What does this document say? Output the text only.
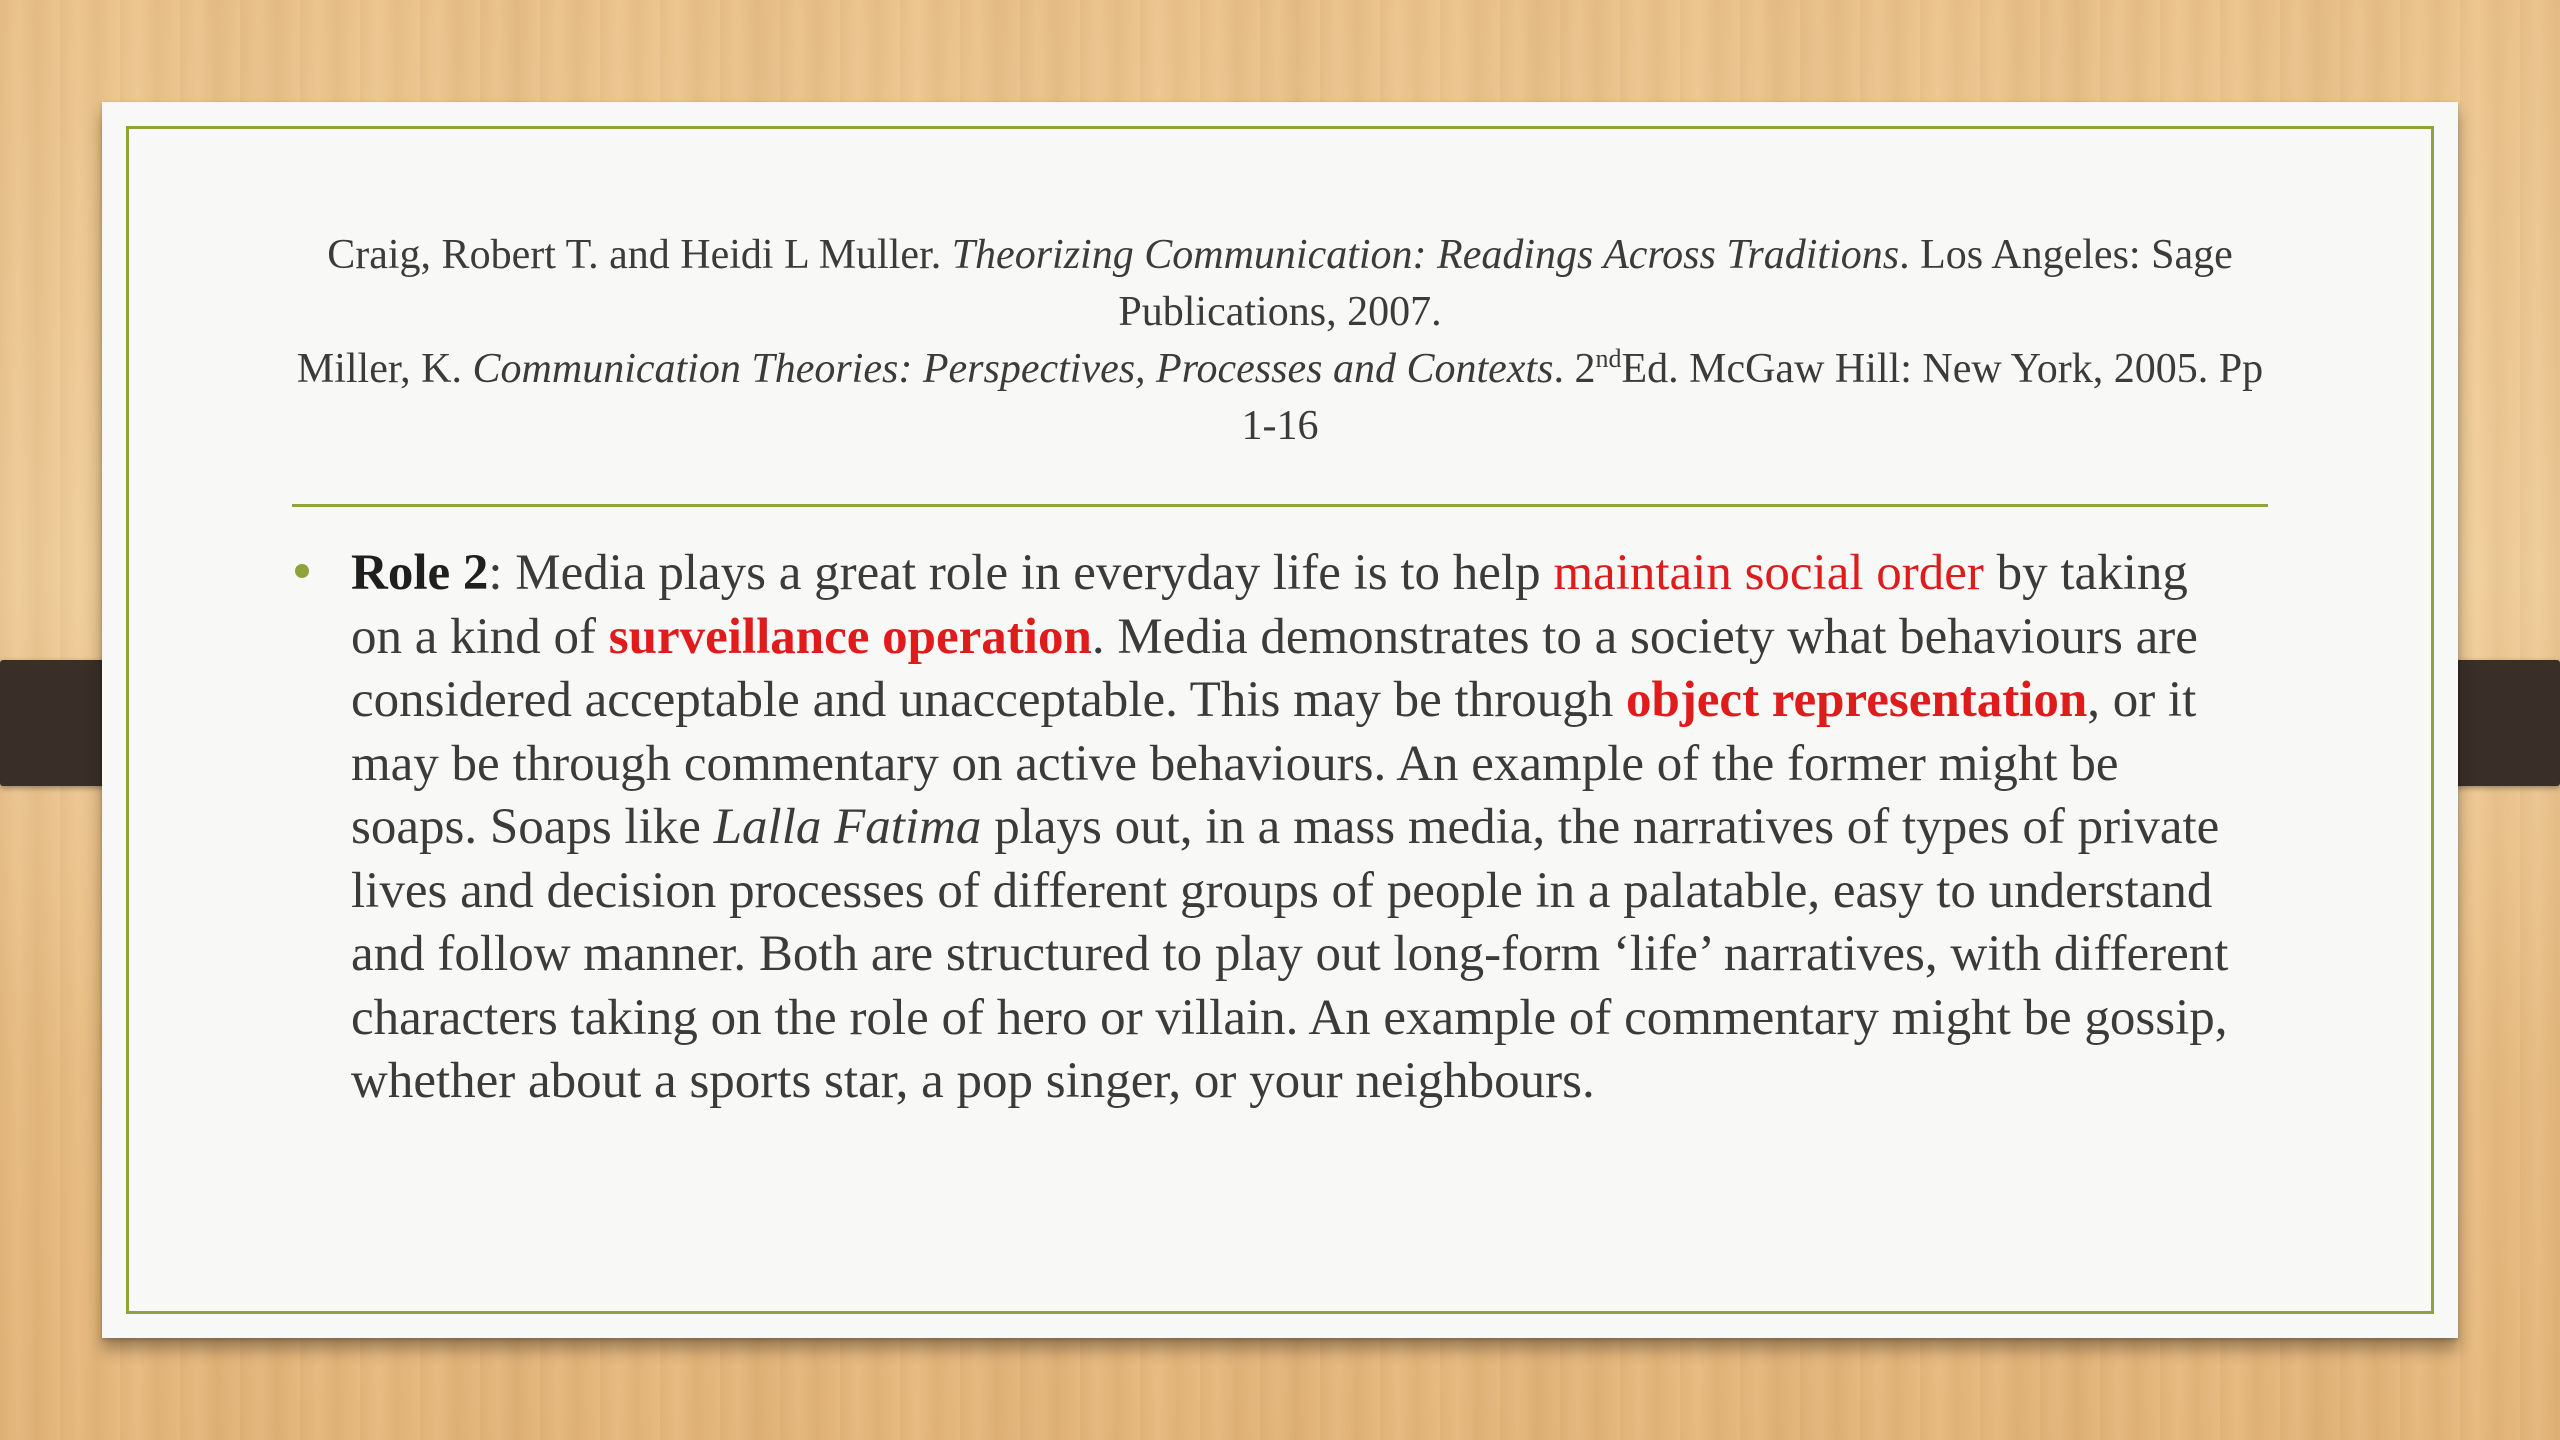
Craig, Robert T. and Heidi L Muller. Theorizing Communication: Readings Across Traditions. Los Angeles: Sage Publications, 2007.

Miller, K. Communication Theories: Perspectives, Processes and Contexts. 2ndEd. McGaw Hill: New York, 2005. Pp 1-16

Role 2: Media plays a great role in everyday life is to help maintain social order by taking on a kind of surveillance operation. Media demonstrates to a society what behaviours are considered acceptable and unacceptable. This may be through object representation, or it may be through commentary on active behaviours. An example of the former might be soaps. Soaps like Lalla Fatima plays out, in a mass media, the narratives of types of private lives and decision processes of different groups of people in a palatable, easy to understand and follow manner. Both are structured to play out long-form ‘life’ narratives, with different characters taking on the role of hero or villain. An example of commentary might be gossip, whether about a sports star, a pop singer, or your neighbours.
